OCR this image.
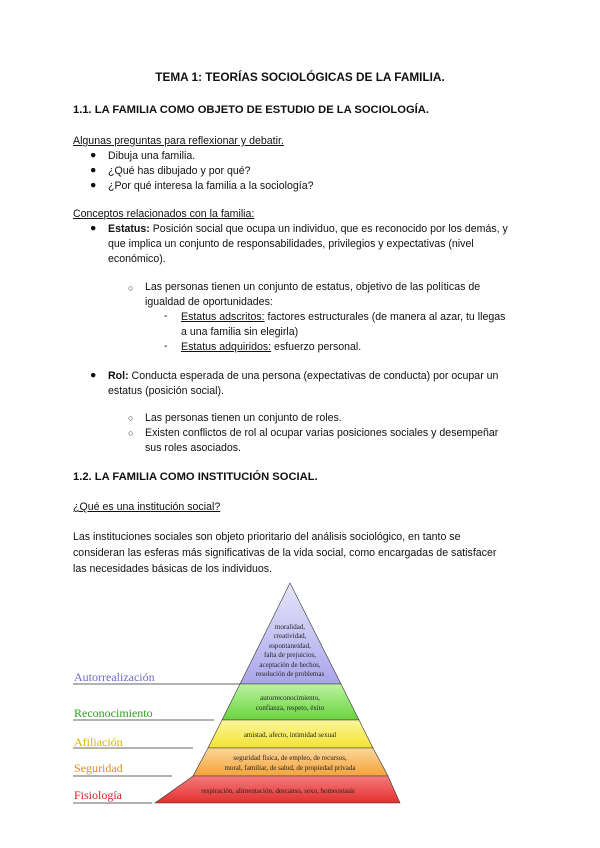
TEMA 1: TEORÍAS SOCIOLÓGICAS DE LA FAMILIA.
1.1. LA FAMILIA COMO OBJETO DE ESTUDIO DE LA SOCIOLOGÍA.
Algunas preguntas para reflexionar y debatir.
● Dibuja una familia.
● ¿Qué has dibujado y por qué?
● ¿Por qué interesa la familia a la sociología?
Conceptos relacionados con la familia:
● Estatus: Posición social que ocupa un individuo, que es reconocido por los demás, y
que implica un conjunto de responsabilidades, privilegios y expectativas (nivel
económico).
○ Las personas tienen un conjunto de estatus, objetivo de las políticas de
igualdad de oportunidades:
- Estatus adscritos: factores estructurales (de manera al azar, tu llegas
a una familia sin elegirla)
- Estatus adquiridos: esfuerzo personal.
● Rol: Conducta esperada de una persona (expectativas de conducta) por ocupar un
estatus (posición social).
○ Las personas tienen un conjunto de roles.
○ Existen conflictos de rol al ocupar varias posiciones sociales y desempeñar
sus roles asociados.
1.2. LA FAMILIA COMO INSTITUCIÓN SOCIAL.
¿Qué es una institución social?
Las instituciones sociales son objeto prioritario del análisis sociológico, en tanto se
consideran las esferas más significativas de la vida social, como encargadas de satisfacer
las necesidades básicas de los individuos.
Autorrealización
Reconocimiento
Afiliación
Seguridad
Fisiología
moralidad,
creatividad,
espontaneidad,
falta de prejuicios,
aceptación de hechos,
resolución de problemas
autorreconocimiento,
confianza, respeto, éxito
amistad, afecto, intimidad sexual
seguridad física, de empleo, de recursos,
moral, familiar, de salud, de propiedad privada
respiración, alimentación, descanso, sexo, homeostasis
